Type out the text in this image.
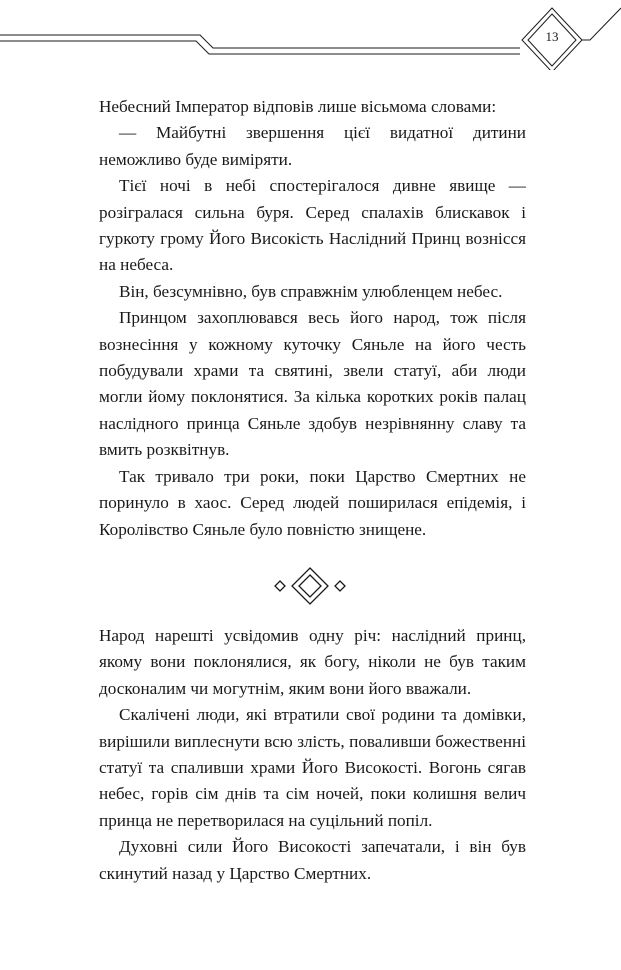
13

Небесний Імператор відповів лише вісьмома словами:

— Майбутні звершення цієї видатної дитини неможливо буде виміряти.

Тієї ночі в небі спостерігалося дивне явище — розігралася сильна буря. Серед спалахів блискавок і гуркоту грому Його Високість Наслідний Принц вознісся на небеса.

Він, безсумнівно, був справжнім улюбленцем небес.

Принцом захоплювався весь його народ, тож після вознесіння у кожному куточку Сяньле на його честь побудували храми та святині, звели статуї, аби люди могли йому поклонятися. За кілька коротких років палац наслідного принца Сяньле здобув незрівнянну славу та вмить розквітнув.

Так тривало три роки, поки Царство Смертних не поринуло в хаос. Серед людей поширилася епідемія, і Королівство Сяньле було повністю знищене.

Народ нарешті усвідомив одну річ: наслідний принц, якому вони поклонялися, як богу, ніколи не був таким досконалим чи могутнім, яким вони його вважали.

Скалічені люди, які втратили свої родини та домівки, вирішили виплеснути всю злість, поваливши божественні статуї та спаливши храми Його Високості. Вогонь сягав небес, горів сім днів та сім ночей, поки колишня велич принца не перетворилася на суцільний попіл.

Духовні сили Його Високості запечатали, і він був скинутий назад у Царство Смертних.
